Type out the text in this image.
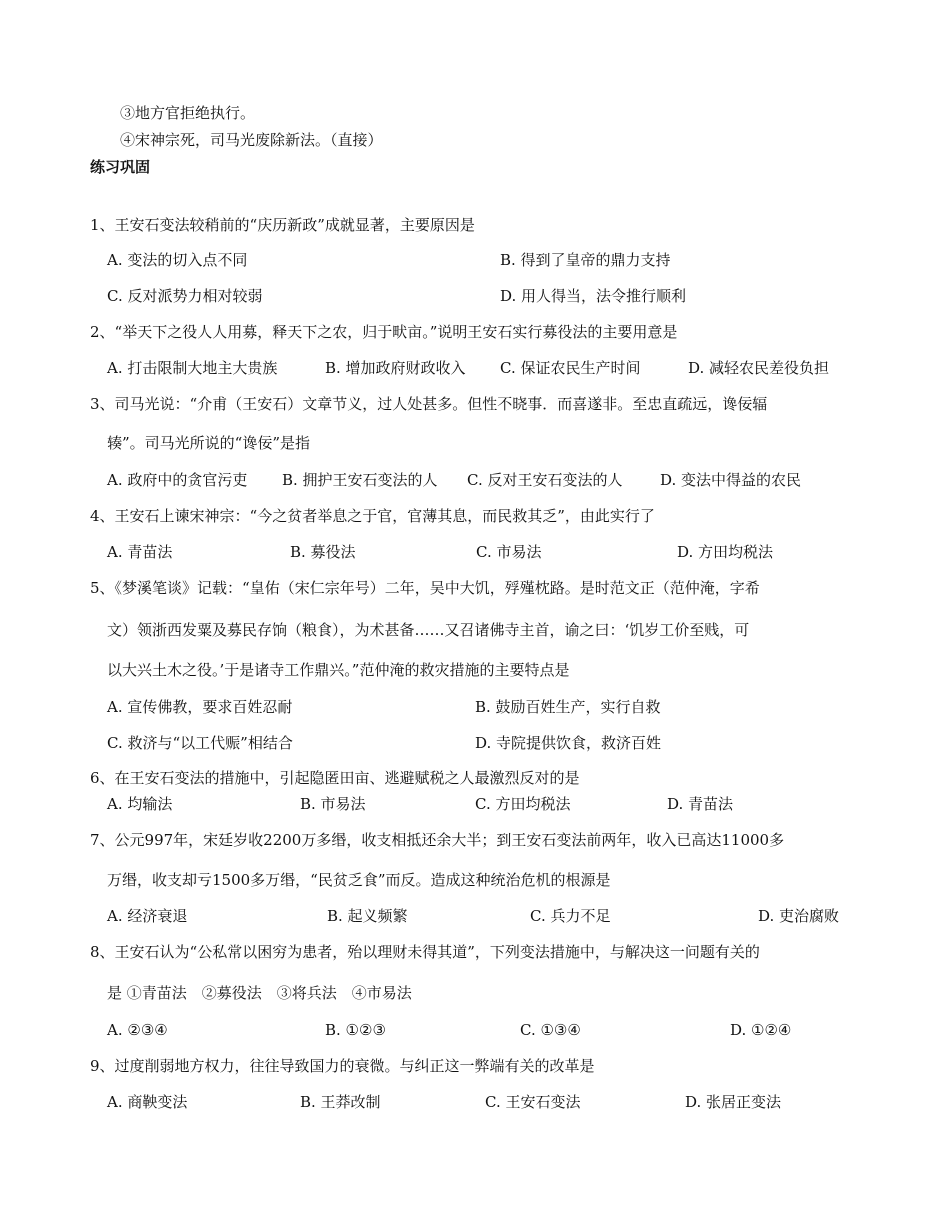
③地方官拒绝执行。
④宋神宗死，司马光废除新法。（直接）
练习巩固
1、王安石变法较稍前的“庆历新政”成就显著，主要原因是
A. 变法的切入点不同	B. 得到了皇帝的鼎力支持
C. 反对派势力相对较弱	D. 用人得当，法令推行顺利
2、“举天下之役人人用募，释天下之农，归于畎亩。”说明王安石实行募役法的主要用意是
A. 打击限制大地主大贵族	B. 增加政府财政收入 C. 保证农民生产时间	D. 减轻农民差役负担
3、司马光说：“介甫（王安石）文章节义，过人处甚多。但性不晓事．而喜遂非。至忠直疏远，谗佞辐
辏”。司马光所说的“谗佞”是指
A. 政府中的贪官污吏 B. 拥护王安石变法的人 C. 反对王安石变法的人	D. 变法中得益的农民
4、王安石上谏宋神宗：“今之贫者举息之于官，官薄其息，而民救其乏”，由此实行了
A. 青苗法	B. 募役法	C. 市易法	D. 方田均税法
5、《梦溪笔谈》记载：“皇佑（宋仁宗年号）二年，吴中大饥，殍殣枕路。是时范文正（范仲淹，字希
文）领浙西发粟及募民存饷（粮食），为术甚备……又召诸佛寺主首，谕之曰：‘饥岁工价至贱，可
以大兴土木之役。’于是诸寺工作鼎兴。”范仲淹的救灾措施的主要特点是
A. 宣传佛教，要求百姓忍耐	B. 鼓励百姓生产，实行自救
C. 救济与“以工代赈”相结合	D. 寺院提供饮食，救济百姓
6、在王安石变法的措施中，引起隐匿田亩、逃避赋税之人最激烈反对的是
A. 均输法	B. 市易法	C. 方田均税法	D. 青苗法
7、公元997年，宋廷岁收2200万多缗，收支相抵还余大半；到王安石变法前两年，收入已高达11000多
万缗，收支却亏1500多万缗，“民贫乏食”而反。造成这种统治危机的根源是
A. 经济衰退	B. 起义频繁	C. 兵力不足	D. 吏治腐败
8、王安石认为“公私常以困穷为患者，殆以理财未得其道”，下列变法措施中，与解决这一问题有关的
是 ①青苗法　②募役法　③将兵法　④市易法
A. ②③④	B. ①②③	C. ①③④	D. ①②④
9、过度削弱地方权力，往往导致国力的衰微。与纠正这一弊端有关的改革是
A. 商鞅变法	B. 王莽改制	C. 王安石变法	D. 张居正变法
